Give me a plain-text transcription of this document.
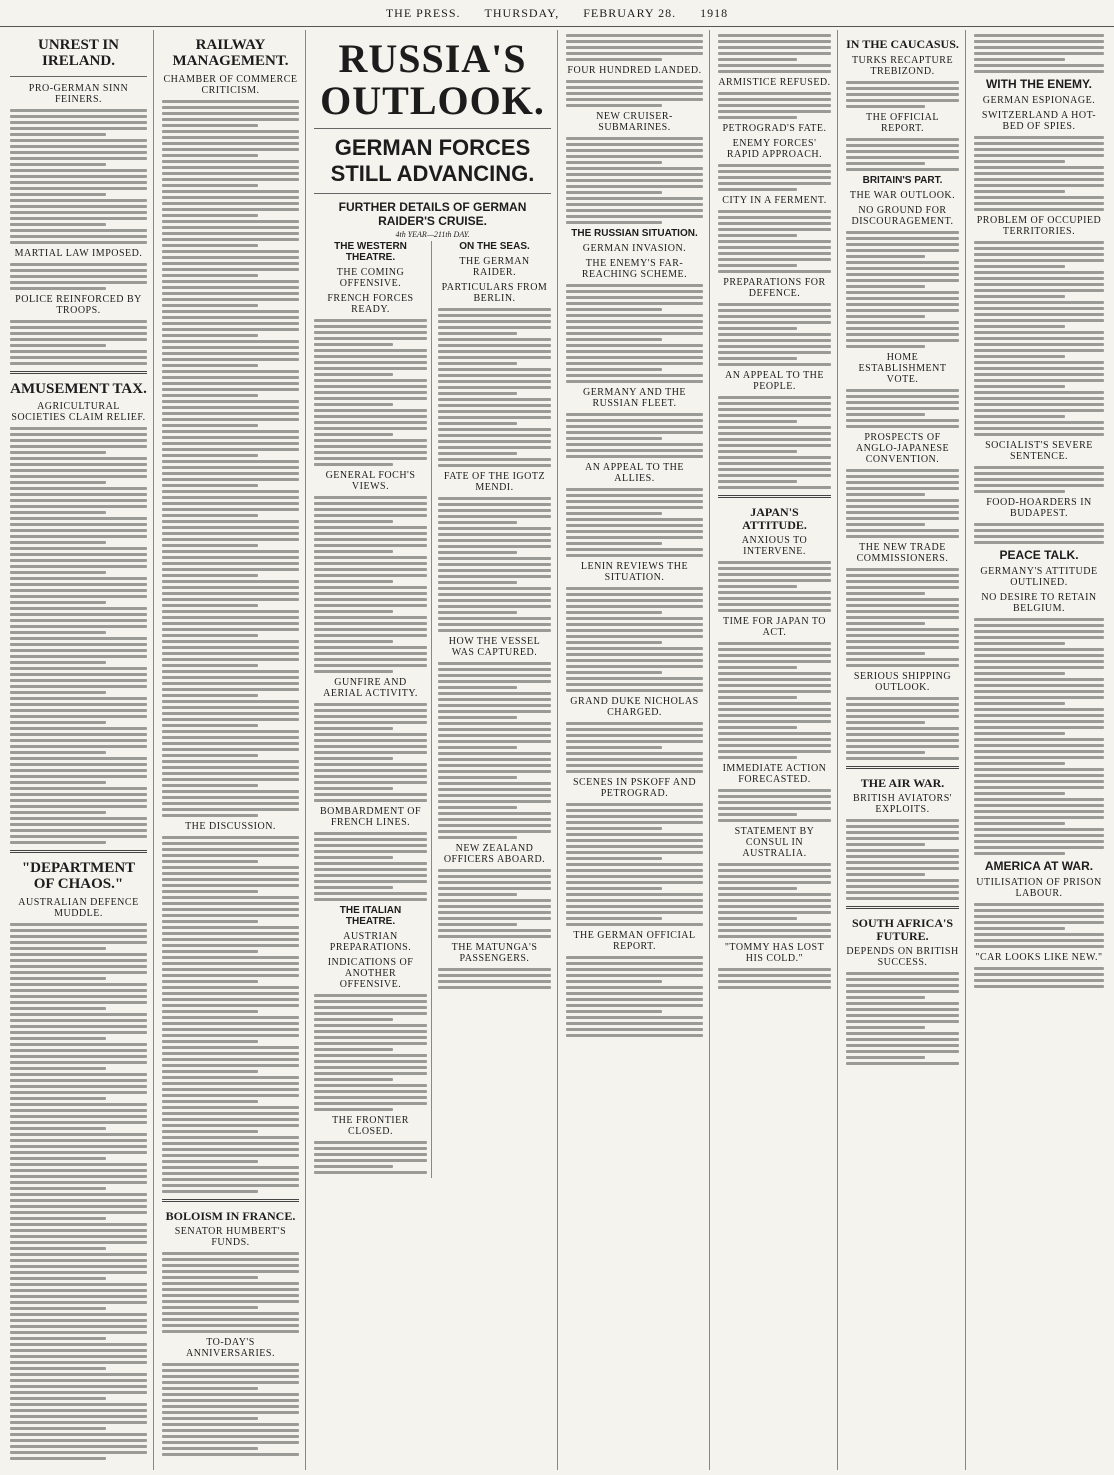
THE PRESS. THURSDAY, FEBRUARY 28. 1918
UNREST IN IRELAND.
PRO-GERMAN SINN FEINERS.
MARTIAL LAW IMPOSED.
POLICE REINFORCED BY TROOPS.
AMUSEMENT TAX.
AGRICULTURAL SOCIETIES CLAIM RELIEF.
"DEPARTMENT OF CHAOS."
AUSTRALIAN DEFENCE MUDDLE.
RAILWAY MANAGEMENT.
CHAMBER OF COMMERCE CRITICISM.
THE DISCUSSION.
BOLOISM IN FRANCE.
SENATOR HUMBERT'S FUNDS.
TO-DAY'S ANNIVERSARIES.
RUSSIA'S OUTLOOK.
GERMAN FORCES STILL ADVANCING.
FURTHER DETAILS OF GERMAN RAIDER'S CRUISE.
4th YEAR—211th DAY.
THE WESTERN THEATRE.
THE COMING OFFENSIVE.
FRENCH FORCES READY.
GENERAL FOCH'S VIEWS.
GUNFIRE AND AERIAL ACTIVITY.
BOMBARDMENT OF FRENCH LINES.
THE ITALIAN THEATRE.
AUSTRIAN PREPARATIONS.
INDICATIONS OF ANOTHER OFFENSIVE.
THE FRONTIER CLOSED.
ON THE SEAS.
THE GERMAN RAIDER.
PARTICULARS FROM BERLIN.
FATE OF THE IGOTZ MENDI.
HOW THE VESSEL WAS CAPTURED.
NEW ZEALAND OFFICERS ABOARD.
THE MATUNGA'S PASSENGERS.
FOUR HUNDRED LANDED.
NEW CRUISER-SUBMARINES.
THE RUSSIAN SITUATION.
GERMAN INVASION.
THE ENEMY'S FAR-REACHING SCHEME.
GERMANY AND THE RUSSIAN FLEET.
AN APPEAL TO THE ALLIES.
LENIN REVIEWS THE SITUATION.
GRAND DUKE NICHOLAS CHARGED.
SCENES IN PSKOFF AND PETROGRAD.
THE GERMAN OFFICIAL REPORT.
ARMISTICE REFUSED.
PETROGRAD'S FATE.
ENEMY FORCES' RAPID APPROACH.
CITY IN A FERMENT.
PREPARATIONS FOR DEFENCE.
AN APPEAL TO THE PEOPLE.
JAPAN'S ATTITUDE.
ANXIOUS TO INTERVENE.
TIME FOR JAPAN TO ACT.
IMMEDIATE ACTION FORECASTED.
STATEMENT BY CONSUL IN AUSTRALIA.
"TOMMY HAS LOST HIS COLD."
IN THE CAUCASUS.
TURKS RECAPTURE TREBIZOND.
THE OFFICIAL REPORT.
BRITAIN'S PART.
THE WAR OUTLOOK.
NO GROUND FOR DISCOURAGEMENT.
HOME ESTABLISHMENT VOTE.
PROSPECTS OF ANGLO-JAPANESE CONVENTION.
THE NEW TRADE COMMISSIONERS.
SERIOUS SHIPPING OUTLOOK.
THE AIR WAR.
BRITISH AVIATORS' EXPLOITS.
SOUTH AFRICA'S FUTURE.
DEPENDS ON BRITISH SUCCESS.
WITH THE ENEMY.
GERMAN ESPIONAGE.
SWITZERLAND A HOT-BED OF SPIES.
PROBLEM OF OCCUPIED TERRITORIES.
SOCIALIST'S SEVERE SENTENCE.
FOOD-HOARDERS IN BUDAPEST.
PEACE TALK.
GERMANY'S ATTITUDE OUTLINED.
NO DESIRE TO RETAIN BELGIUM.
AMERICA AT WAR.
UTILISATION OF PRISON LABOUR.
"CAR LOOKS LIKE NEW."
